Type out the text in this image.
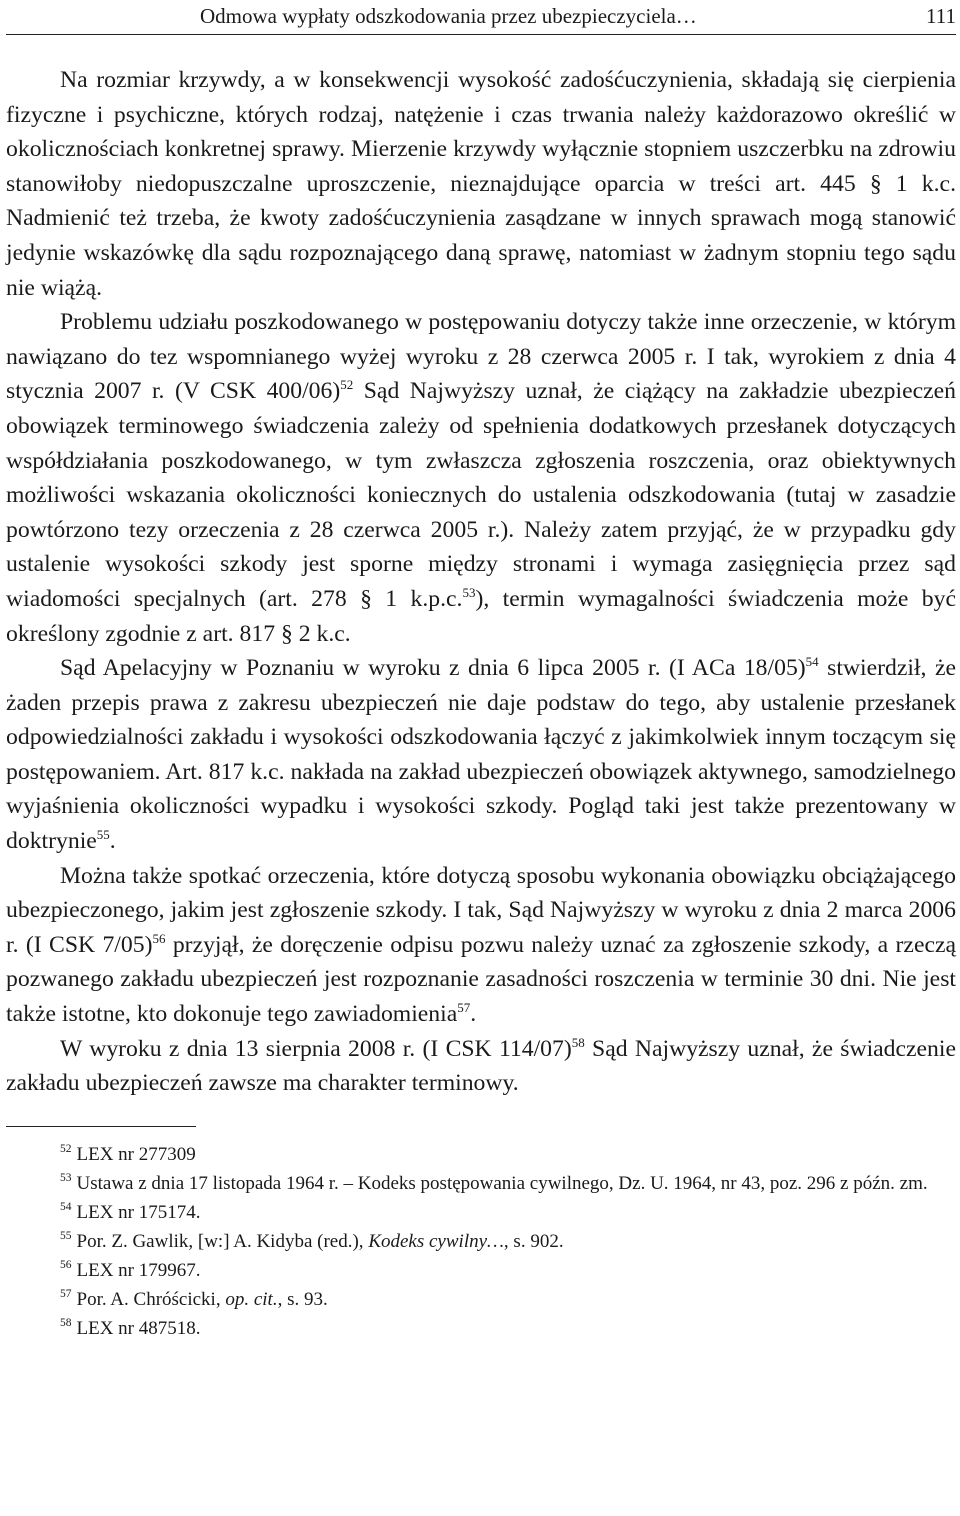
Odmowa wypłaty odszkodowania przez ubezpieczyciela…	111

Na rozmiar krzywdy, a w konsekwencji wysokość zadośćuczynienia, składają się cierpienia fizyczne i psychiczne, których rodzaj, natężenie i czas trwania należy każdorazowo określić w okolicznościach konkretnej sprawy. Mierzenie krzywdy wyłącznie stopniem uszczerbku na zdrowiu stanowiłoby niedopuszczalne uproszczenie, nieznajdujące oparcia w treści art. 445 § 1 k.c. Nadmienić też trzeba, że kwoty zadośćuczynienia zasądzane w innych sprawach mogą stanowić jedynie wskazówkę dla sądu rozpoznającego daną sprawę, natomiast w żadnym stopniu tego sądu nie wiążą.

Problemu udziału poszkodowanego w postępowaniu dotyczy także inne orzeczenie, w którym nawiązano do tez wspomnianego wyżej wyroku z 28 czerwca 2005 r. I tak, wyrokiem z dnia 4 stycznia 2007 r. (V CSK 400/06)$^{52}$ Sąd Najwyższy uznał, że ciążący na zakładzie ubezpieczeń obowiązek terminowego świadczenia zależy od spełnienia dodatkowych przesłanek dotyczących współdziałania poszkodowanego, w tym zwłaszcza zgłoszenia roszczenia, oraz obiektywnych możliwości wskazania okoliczności koniecznych do ustalenia odszkodowania (tutaj w zasadzie powtórzono tezy orzeczenia z 28 czerwca 2005 r.). Należy zatem przyjąć, że w przypadku gdy ustalenie wysokości szkody jest sporne między stronami i wymaga zasięgnięcia przez sąd wiadomości specjalnych (art. 278 § 1 k.p.c.$^{53}$), termin wymagalności świadczenia może być określony zgodnie z art. 817 § 2 k.c.

Sąd Apelacyjny w Poznaniu w wyroku z dnia 6 lipca 2005 r. (I ACa 18/05)$^{54}$ stwierdził, że żaden przepis prawa z zakresu ubezpieczeń nie daje podstaw do tego, aby ustalenie przesłanek odpowiedzialności zakładu i wysokości odszkodowania łączyć z jakimkolwiek innym toczącym się postępowaniem. Art. 817 k.c. nakłada na zakład ubezpieczeń obowiązek aktywnego, samodzielnego wyjaśnienia okoliczności wypadku i wysokości szkody. Pogląd taki jest także prezentowany w doktrynie$^{55}$.

Można także spotkać orzeczenia, które dotyczą sposobu wykonania obowiązku obciążającego ubezpieczonego, jakim jest zgłoszenie szkody. I tak, Sąd Najwyższy w wyroku z dnia 2 marca 2006 r. (I CSK 7/05)$^{56}$ przyjął, że doręczenie odpisu pozwu należy uznać za zgłoszenie szkody, a rzeczą pozwanego zakładu ubezpieczeń jest rozpoznanie zasadności roszczenia w terminie 30 dni. Nie jest także istotne, kto dokonuje tego zawiadomienia$^{57}$.

W wyroku z dnia 13 sierpnia 2008 r. (I CSK 114/07)$^{58}$ Sąd Najwyższy uznał, że świadczenie zakładu ubezpieczeń zawsze ma charakter terminowy.

$^{52}$ LEX nr 277309

$^{53}$ Ustawa z dnia 17 listopada 1964 r. – Kodeks postępowania cywilnego, Dz. U. 1964, nr 43, poz. 296 z późn. zm.

$^{54}$ LEX nr 175174.

$^{55}$ Por. Z. Gawlik, [w:] A. Kidyba (red.), Kodeks cywilny…, s. 902.

$^{56}$ LEX nr 179967.

$^{57}$ Por. A. Chróścicki, op. cit., s. 93.

$^{58}$ LEX nr 487518.
